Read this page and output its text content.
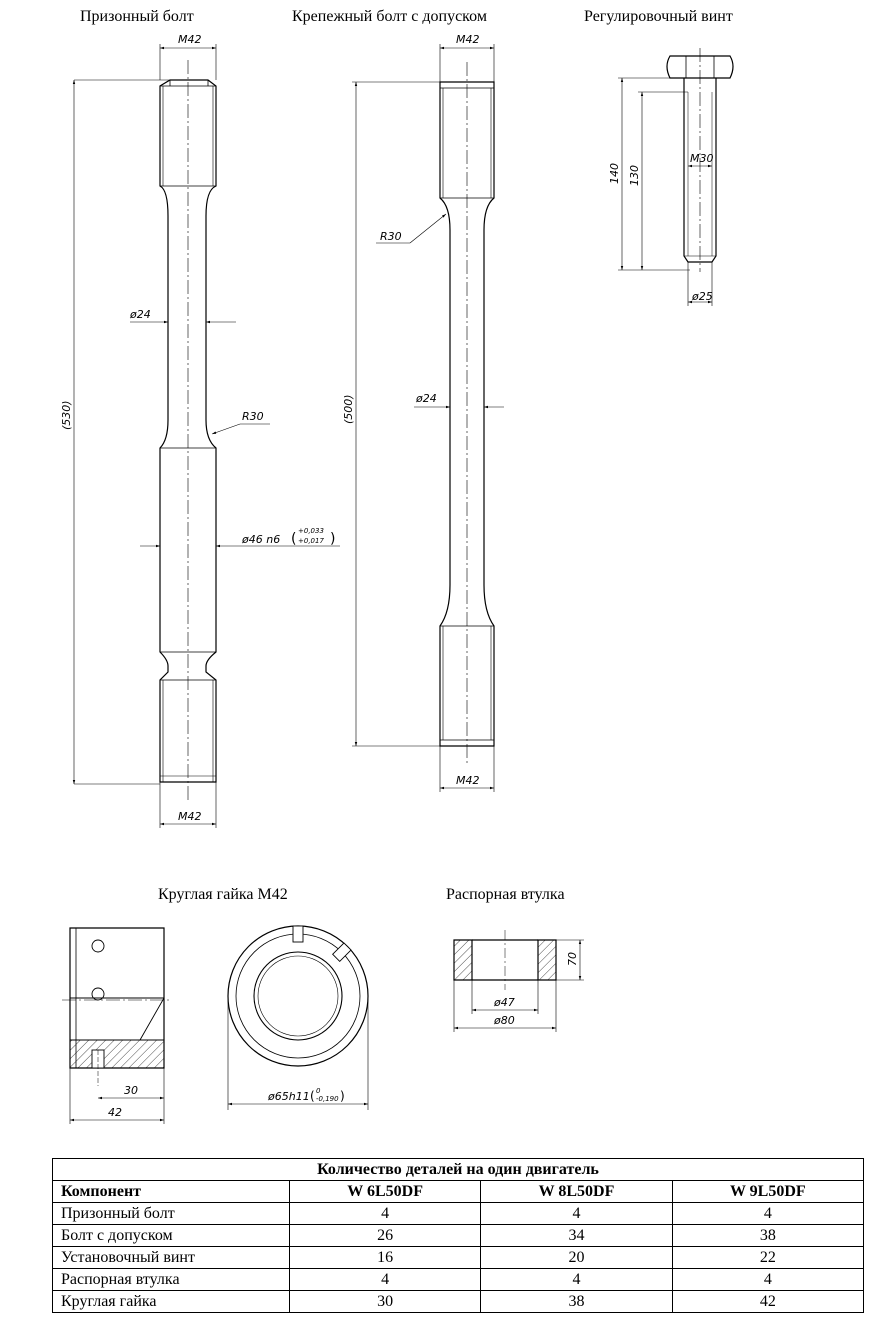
Призонный болт	Крепежный болт с допуском	Регулировочный винт
Круглая гайка М42	Распорная втулка
M42
M42
(530)
ø24
R30
ø46 n6
+0,033
+0,017
( )
M42
M42
(500)
R30
ø24
M30
140 130
ø25
30
42
ø65h11 ( 0
-0,190 )
70
ø47
ø80
Количество деталей на один двигатель			
Компонент	W 6L50DF	W 8L50DF	W 9L50DF
Призонный болт	4	4	4
Болт с допуском	26	34	38
Установочный винт	16	20	22
Распорная втулка	4	4	4
Круглая гайка	30	38	42
